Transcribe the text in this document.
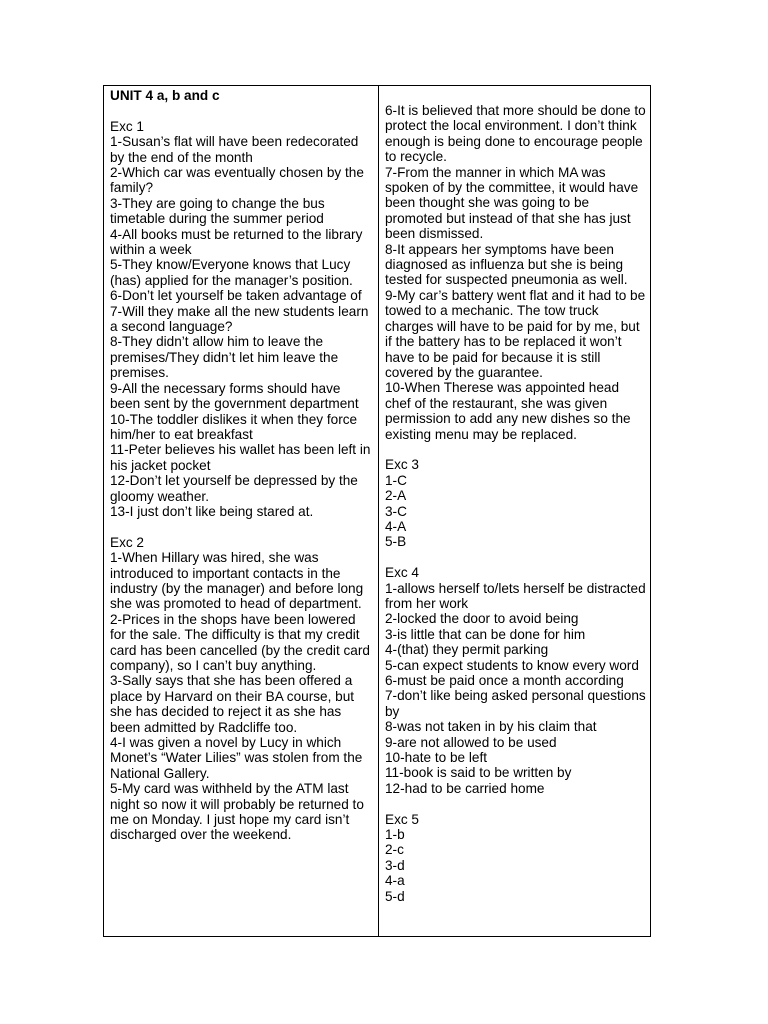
UNIT 4 a, b and c
Exc 1
1-Susan’s flat will have been redecorated by the end of the month
2-Which car was eventually chosen by the family?
3-They are going to change the bus timetable during the summer period
4-All books must be returned to the library within a week
5-They know/Everyone knows that Lucy (has) applied for the manager’s position.
6-Don’t let yourself be taken advantage of
7-Will they make all the new students learn a second language?
8-They didn’t allow him to leave the premises/They didn’t let him leave the premises.
9-All the necessary forms should have been sent by the government department
10-The toddler dislikes it when they force him/her to eat breakfast
11-Peter believes his wallet has been left in his jacket pocket
12-Don’t let yourself be depressed by the gloomy weather.
13-I just don’t like being stared at.
Exc 2
1-When Hillary was hired, she was introduced to important contacts in the industry (by the manager) and before long she was promoted to head of department.
2-Prices in the shops have been lowered for the sale. The difficulty is that my credit card has been cancelled (by the credit card company), so I can’t buy anything.
3-Sally says that she has been offered a place by Harvard on their BA course, but she has decided to reject it as she has been admitted by Radcliffe too.
4-I was given a novel by Lucy in which Monet’s “Water Lilies” was stolen from the National Gallery.
5-My card was withheld by the ATM last night so now it will probably be returned to me on Monday. I just hope my card isn’t discharged over the weekend.
6-It is believed that more should be done to protect the local environment. I don’t think enough is being done to encourage people to recycle.
7-From the manner in which MA was spoken of by the committee, it would have been thought she was going to be promoted but instead of that she has just been dismissed.
8-It appears her symptoms have been diagnosed as influenza but she is being tested for suspected pneumonia as well.
9-My car’s battery went flat and it had to be towed to a mechanic. The tow truck charges will have to be paid for by me, but if the battery has to be replaced it won’t have to be paid for because it is still covered by the guarantee.
10-When Therese was appointed head chef of the restaurant, she was given permission to add any new dishes so the existing menu may be replaced.
Exc 3
1-C
2-A
3-C
4-A
5-B
Exc 4
1-allows herself to/lets herself be distracted from her work
2-locked the door to avoid being
3-is little that can be done for him
4-(that) they permit parking
5-can expect students to know every word
6-must be paid once a month according
7-don’t like being asked personal questions by
8-was not taken in by his claim that
9-are not allowed to be used
10-hate to be left
11-book is said to be written by
12-had to be carried home
Exc 5
1-b
2-c
3-d
4-a
5-d
